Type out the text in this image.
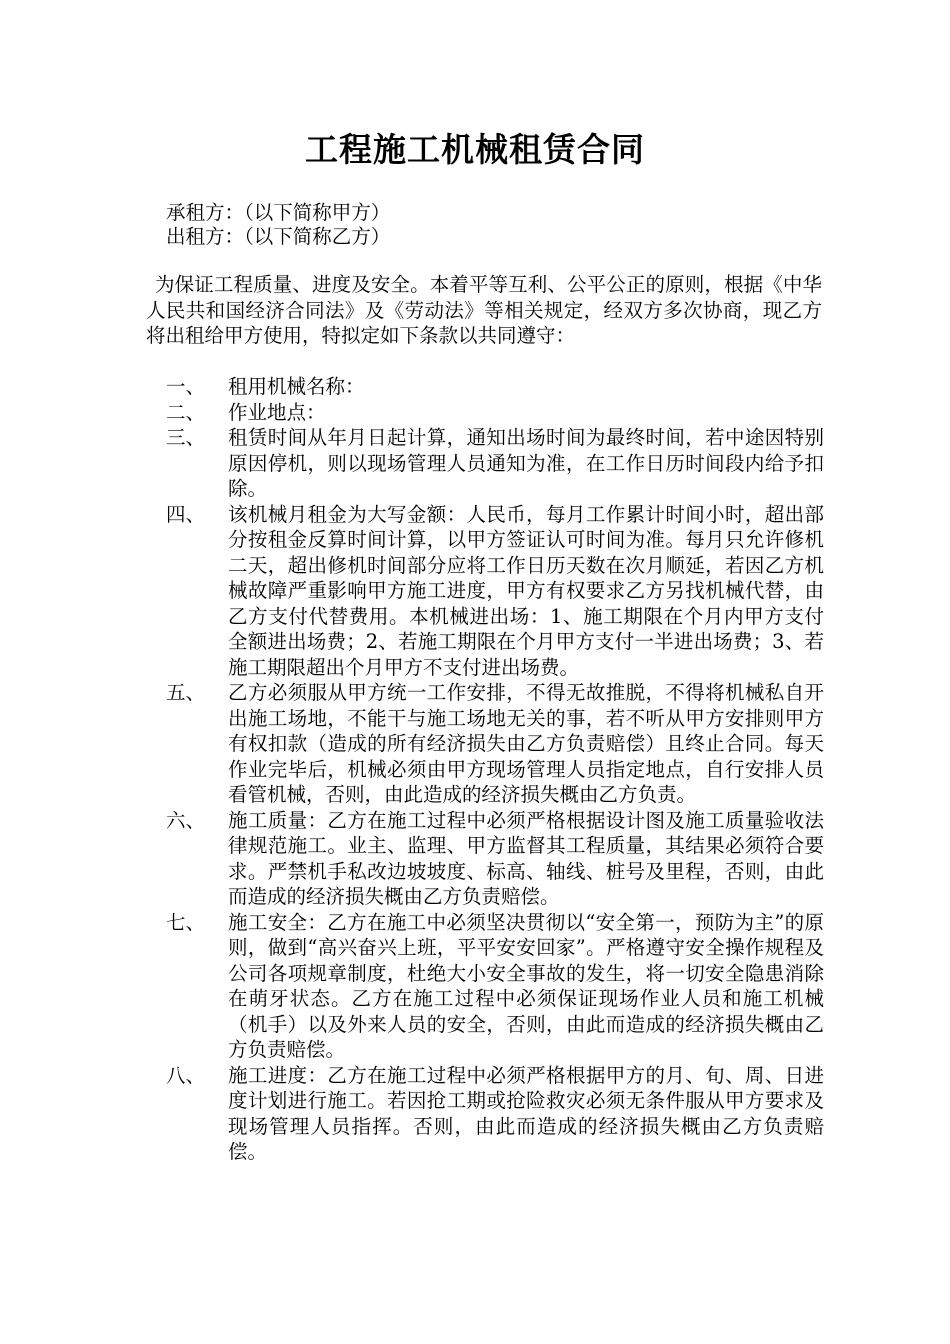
工程施工机械租赁合同
承租方：（以下简称甲方）
出租方：（以下简称乙方）
为保证工程质量、进度及安全。本着平等互利、公平公正的原则，根据《中华人民共和国经济合同法》及《劳动法》等相关规定，经双方多次协商，现乙方将出租给甲方使用，特拟定如下条款以共同遵守：
一、	租用机械名称：
二、	作业地点：
三、	租赁时间从年月日起计算，通知出场时间为最终时间，若中途因特别原因停机，则以现场管理人员通知为准，在工作日历时间段内给予扣除。
四、	该机械月租金为大写金额：人民币，每月工作累计时间小时，超出部分按租金反算时间计算，以甲方签证认可时间为准。每月只允许修机二天，超出修机时间部分应将工作日历天数在次月顺延，若因乙方机械故障严重影响甲方施工进度，甲方有权要求乙方另找机械代替，由乙方支付代替费用。本机械进出场：1、施工期限在个月内甲方支付全额进出场费；2、若施工期限在个月甲方支付一半进出场费；3、若施工期限超出个月甲方不支付进出场费。
五、	乙方必须服从甲方统一工作安排，不得无故推脱，不得将机械私自开出施工场地，不能干与施工场地无关的事，若不听从甲方安排则甲方有权扣款（造成的所有经济损失由乙方负责赔偿）且终止合同。每天作业完毕后，机械必须由甲方现场管理人员指定地点，自行安排人员看管机械，否则，由此造成的经济损失概由乙方负责。
六、	施工质量：乙方在施工过程中必须严格根据设计图及施工质量验收法律规范施工。业主、监理、甲方监督其工程质量，其结果必须符合要求。严禁机手私改边坡坡度、标高、轴线、桩号及里程，否则，由此而造成的经济损失概由乙方负责赔偿。
七、	施工安全：乙方在施工中必须坚决贯彻以“安全第一，预防为主”的原则，做到“高兴奋兴上班，平平安安回家”。严格遵守安全操作规程及公司各项规章制度，杜绝大小安全事故的发生，将一切安全隐患消除在萌牙状态。乙方在施工过程中必须保证现场作业人员和施工机械（机手）以及外来人员的安全，否则，由此而造成的经济损失概由乙方负责赔偿。
八、	施工进度：乙方在施工过程中必须严格根据甲方的月、旬、周、日进度计划进行施工。若因抢工期或抢险救灾必须无条件服从甲方要求及现场管理人员指挥。否则，由此而造成的经济损失概由乙方负责赔偿。
